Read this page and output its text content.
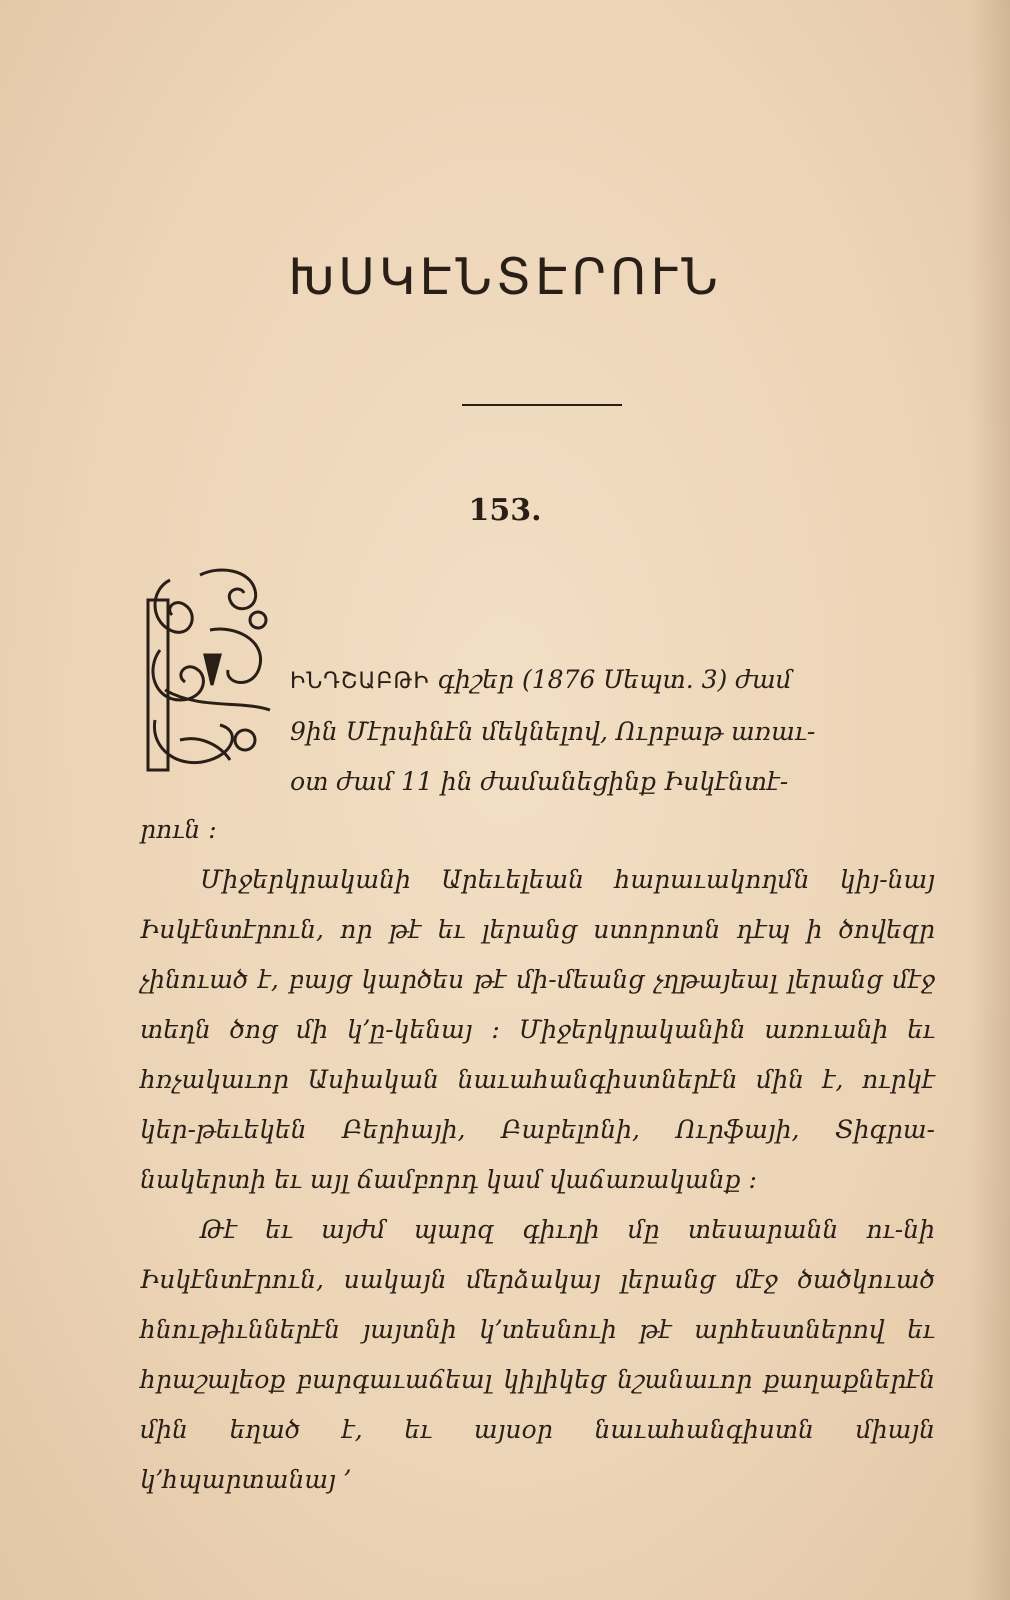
ԽՍԿԷՆՏԷՐՈՒՆ
153.

ԻՆԴՇԱԲԹԻ գիշեր (1876 Սեպտ. 3) ժամ

9ին Մէրսինէն մեկնելով, Ուրբաթ առաւ-

օտ ժամ 11 ին ժամանեցինք Իսկէնտէ-

րուն ։

Միջերկրականի Արեւելեան հարաւակողմն կիյ-նայ Իսկէնտէրուն, որ թէ եւ լերանց ստորոտն դէպ ի ծովեզր չինուած է, բայց կարծես թէ մի-մեանց չղթայեալ լերանց մէջ տեղն ծոց մի կ՚ը-կենայ ։ Միջերկրականին առուանի եւ հռչակաւոր Ասիական նաւահանգիստներէն մին է, ուրկէ կեր-թեւեկեն Բերիայի, Բաբելոնի, Ուրֆայի, Տիգրա-նակերտի եւ այլ ճամբորդ կամ վաճառականք ։

Թէ եւ այժմ պարզ գիւղի մը տեսարանն ու-նի Իսկէնտէրուն, սակայն մերձակայ լերանց մէջ ծածկուած հնութիւններէն յայտնի կ՚տեսնուի թէ արհեստներով եւ հրաշալեօք բարգաւաճեալ կիլիկեց նշանաւոր քաղաքներէն մին եղած է, եւ այսօր նաւահանգիստն միայն կ՚հպարտանայ ՚
